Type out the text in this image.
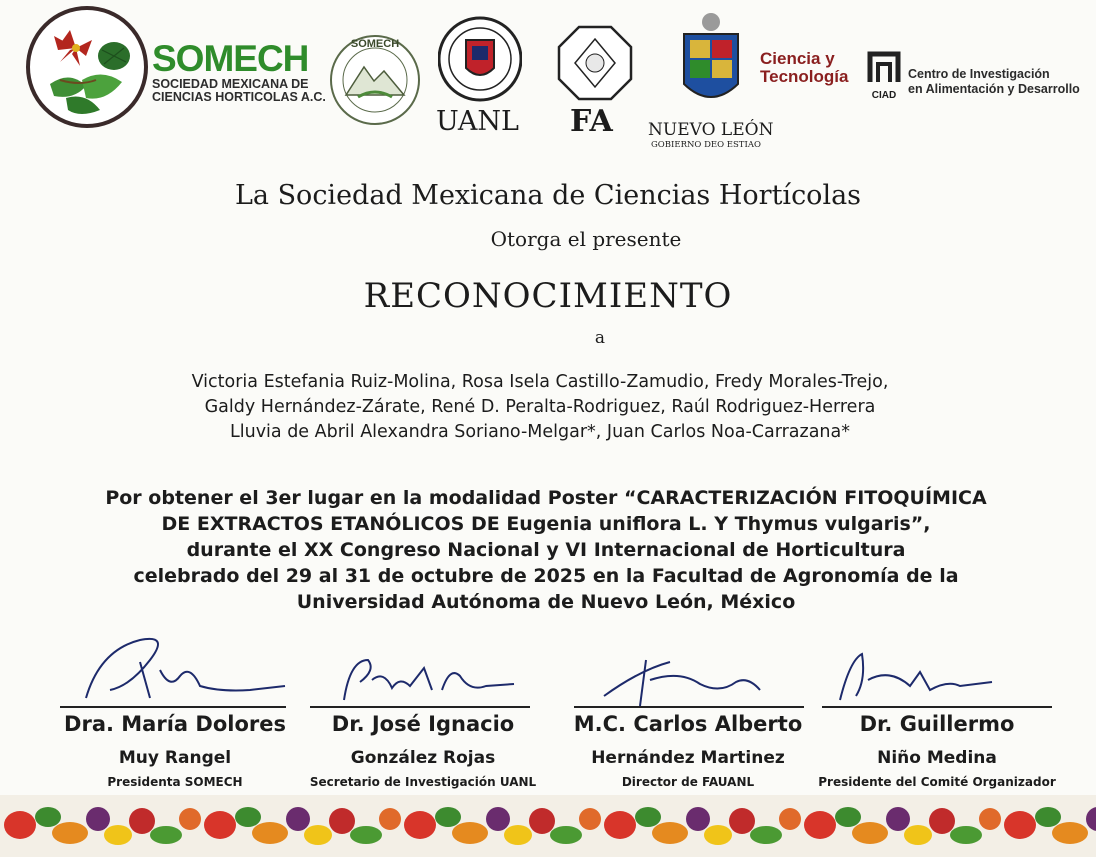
SOMECH
SOCIEDAD MEXICANA DE
CIENCIAS HORTICOLAS A.C.
SOMECH
UANL FA NUEVO LEÓN
GOBIERNO DEO ESTIAO
Ciencia y
Tecnología
CIAD
Centro de Investigación
en Alimentación y Desarrollo
La Sociedad Mexicana de Ciencias Hortícolas
Otorga el presente
RECONOCIMIENTO
a
Victoria Estefania Ruiz-Molina, Rosa Isela Castillo-Zamudio, Fredy Morales-Trejo,
Galdy Hernández-Zárate, René D. Peralta-Rodriguez, Raúl Rodriguez-Herrera
Lluvia de Abril Alexandra Soriano-Melgar*, Juan Carlos Noa-Carrazana*
Por obtener el 3er lugar en la modalidad Poster “CARACTERIZACIÓN FITOQUÍMICA
DE EXTRACTOS ETANÓLICOS DE Eugenia uniflora L. Y Thymus vulgaris”,
durante el XX Congreso Nacional y VI Internacional de Horticultura
celebrado del 29 al 31 de octubre de 2025 en la Facultad de Agronomía de la
Universidad Autónoma de Nuevo León, México
Dra. María Dolores
Muy Rangel
Presidenta SOMECH
Dr. José Ignacio
González Rojas
Secretario de Investigación UANL
M.C. Carlos Alberto
Hernández Martinez
Director de FAUANL
Dr. Guillermo
Niño Medina
Presidente del Comité Organizador
